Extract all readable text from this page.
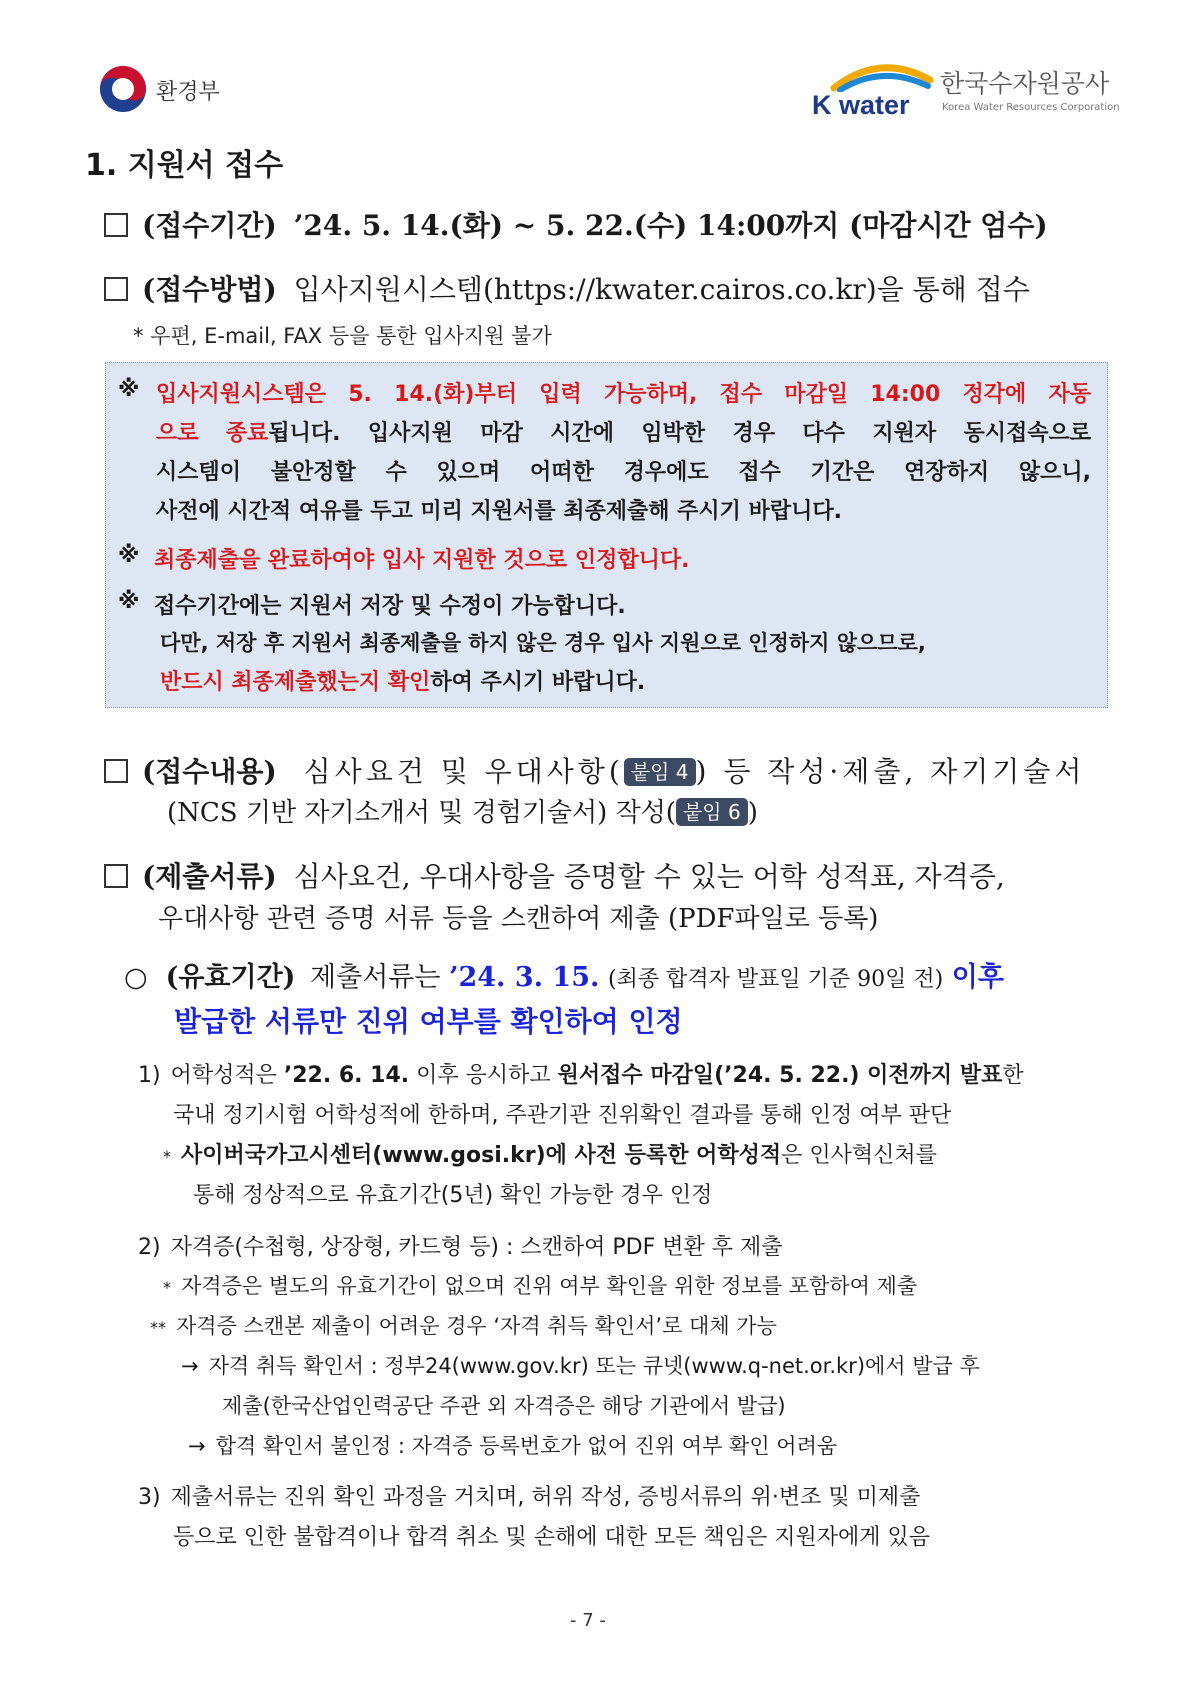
환경부	K water
한국수자원공사
Korea Water Resources Corporation
1. 지원서 접수
(접수기간) ’24. 5. 14.(화) ~ 5. 22.(수) 14:00까지 (마감시간 엄수)
(접수방법) 입사지원시스템(https://kwater.cairos.co.kr)을 통해 접수
* 우편, E-mail, FAX 등을 통한 입사지원 불가
※ 입사지원시스템은 5. 14.(화)부터 입력 가능하며, 접수 마감일 14:00 정각에 자동
으로 종료됩니다. 입사지원 마감 시간에 임박한 경우 다수 지원자 동시접속으로
시스템이 불안정할 수 있으며 어떠한 경우에도 접수 기간은 연장하지 않으니,
사전에 시간적 여유를 두고 미리 지원서를 최종제출해 주시기 바랍니다.
※ 최종제출을 완료하여야 입사 지원한 것으로 인정합니다.
※ 접수기간에는 지원서 저장 및 수정이 가능합니다.
다만, 저장 후 지원서 최종제출을 하지 않은 경우 입사 지원으로 인정하지 않으므로,
반드시 최종제출했는지 확인하여 주시기 바랍니다.
(접수내용) 심사요건 및 우대사항( 붙임 4 ) 등 작성·제출, 자기기술서
(NCS 기반 자기소개서 및 경험기술서) 작성( 붙임 6 )
(제출서류) 심사요건, 우대사항을 증명할 수 있는 어학 성적표, 자격증,
우대사항 관련 증명 서류 등을 스캔하여 제출 (PDF파일로 등록)
○ (유효기간) 제출서류는 ’24. 3. 15. (최종 합격자 발표일 기준 90일 전) 이후
발급한 서류만 진위 여부를 확인하여 인정
1) 어학성적은 ’22. 6. 14. 이후 응시하고 원서접수 마감일(’24. 5. 22.) 이전까지 발표한
국내 정기시험 어학성적에 한하며, 주관기관 진위확인 결과를 통해 인정 여부 판단
* 사이버국가고시센터(www.gosi.kr)에 사전 등록한 어학성적은 인사혁신처를
통해 정상적으로 유효기간(5년) 확인 가능한 경우 인정
2) 자격증(수첩형, 상장형, 카드형 등) : 스캔하여 PDF 변환 후 제출
* 자격증은 별도의 유효기간이 없으며 진위 여부 확인을 위한 정보를 포함하여 제출
** 자격증 스캔본 제출이 어려운 경우 ‘자격 취득 확인서’로 대체 가능
→ 자격 취득 확인서 : 정부24(www.gov.kr) 또는 큐넷(www.q-net.or.kr)에서 발급 후
제출(한국산업인력공단 주관 외 자격증은 해당 기관에서 발급)
→ 합격 확인서 불인정 : 자격증 등록번호가 없어 진위 여부 확인 어려움
3) 제출서류는 진위 확인 과정을 거치며, 허위 작성, 증빙서류의 위·변조 및 미제출
등으로 인한 불합격이나 합격 취소 및 손해에 대한 모든 책임은 지원자에게 있음
- 7 -
